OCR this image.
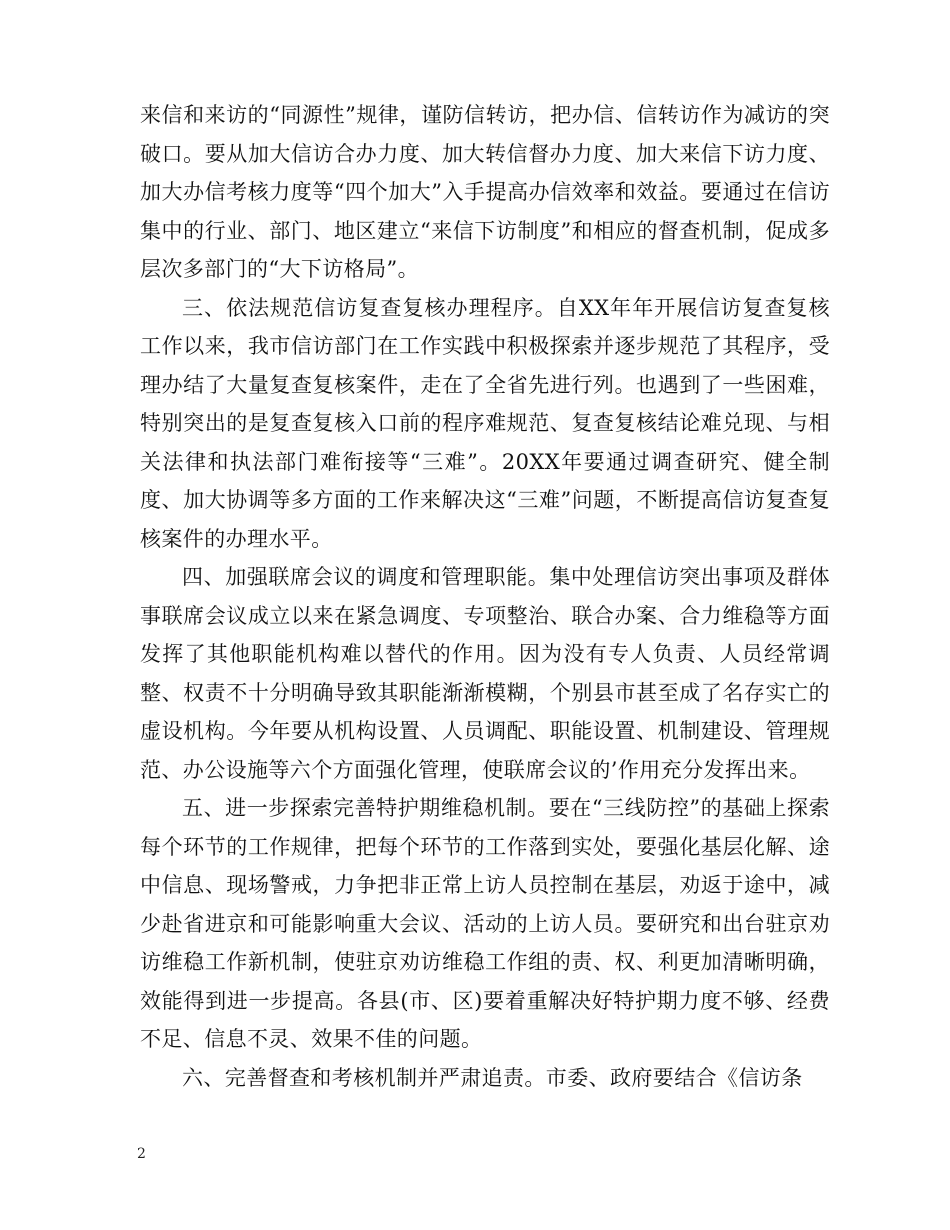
来信和来访的“同源性”规律，谨防信转访，把办信、信转访作为减访的突破口。要从加大信访合办力度、加大转信督办力度、加大来信下访力度、加大办信考核力度等“四个加大”入手提高办信效率和效益。要通过在信访集中的行业、部门、地区建立“来信下访制度”和相应的督查机制，促成多层次多部门的“大下访格局”。

三、依法规范信访复查复核办理程序。自XX年年开展信访复查复核工作以来，我市信访部门在工作实践中积极探索并逐步规范了其程序，受理办结了大量复查复核案件，走在了全省先进行列。也遇到了一些困难，特别突出的是复查复核入口前的程序难规范、复查复核结论难兑现、与相关法律和执法部门难衔接等“三难”。20XX年要通过调查研究、健全制度、加大协调等多方面的工作来解决这“三难”问题，不断提高信访复查复核案件的办理水平。

四、加强联席会议的调度和管理职能。集中处理信访突出事项及群体事联席会议成立以来在紧急调度、专项整治、联合办案、合力维稳等方面发挥了其他职能机构难以替代的作用。因为没有专人负责、人员经常调整、权责不十分明确导致其职能渐渐模糊，个别县市甚至成了名存实亡的虚设机构。今年要从机构设置、人员调配、职能设置、机制建设、管理规范、办公设施等六个方面强化管理，使联席会议的’作用充分发挥出来。

五、进一步探索完善特护期维稳机制。要在“三线防控”的基础上探索每个环节的工作规律，把每个环节的工作落到实处，要强化基层化解、途中信息、现场警戒，力争把非正常上访人员控制在基层，劝返于途中，减少赴省进京和可能影响重大会议、活动的上访人员。要研究和出台驻京劝访维稳工作新机制，使驻京劝访维稳工作组的责、权、利更加清晰明确，效能得到进一步提高。各县(市、区)要着重解决好特护期力度不够、经费不足、信息不灵、效果不佳的问题。

六、完善督查和考核机制并严肃追责。市委、政府要结合《信访条

2
